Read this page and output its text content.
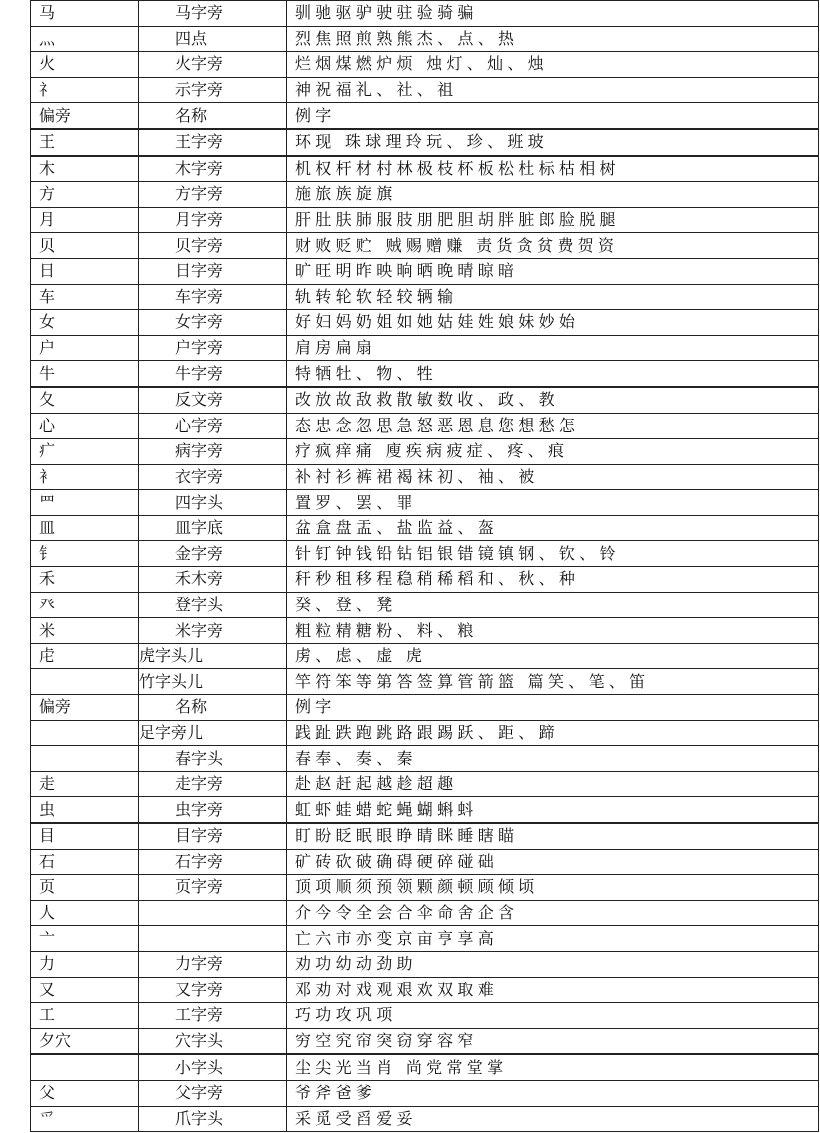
马	马字旁	驯驰驱驴驶驻验骑骗
灬	四点	烈焦照煎熟熊杰、点、热
火	火字旁	烂烟煤燃炉烦 烛灯、灿、烛
礻	示字旁	神祝福礼、社、祖
偏旁	名称	例字
王	王字旁	环现 珠球理玲玩、珍、班玻
木	木字旁	机权杆材村林极枝杯板松杜标枯相树
方	方字旁	施旅族旋旗
月	月字旁	肝肚肤肺服肢朋肥胆胡胖脏郎脸脱腿
贝	贝字旁	财败贬贮 贼赐赠赚 责货贪贫费贺资
日	日字旁	旷旺明昨映晌晒晚晴晾暗
车	车字旁	轨转轮软轻较辆输
女	女字旁	好妇妈奶姐如她姑娃姓娘妹妙始
户	户字旁	肩房扁扇
牛	牛字旁	特牺牡、物、牲
夂	反文旁	改放故敌救散敏数收、政、教
心	心字旁	态忠念忽思急怒恶恩息您想愁怎
疒	病字旁	疗疯痒痛 廋疾病疲症、疼、痕
衤	衣字旁	补衬衫裤裙褐袜初、袖、被
罒	四字头	置罗、罢、罪
皿	皿字底	盆盒盘盂、盐监益、盔
钅	金字旁	针钉钟钱铅钻铝银错镜镇钢、钦、铃
禾	禾木旁	秆秒租移程稳稍稀稻和、秋、种
癶	登字头	癸、登、凳
米	米字旁	粗粒精糖粉、料、粮
虍	虎字头儿	虏、虑、虚 虎
	竹字头儿	竿符笨等第答签算管箭篮 篇笑、笔、笛
偏旁	名称	例字
	足字旁儿	践趾跌跑跳路跟踢跃、距、蹄
	春字头	春奉、奏、秦
走	走字旁	赴赵赶起越趁超趣
虫	虫字旁	虹虾蛙蜡蛇蝇蝴蝌蚪
目	目字旁	盯盼眨眠眼睁睛眯睡瞎瞄
石	石字旁	矿砖砍破确碍硬碎碰础
页	页字旁	顶项顺须预领颗颜顿顾倾顷
人		介今令全会合伞命舍企含
亠		亡六市亦变京亩亨享高
力	力字旁	劝功幼动劲助
又	又字旁	邓劝对戏观艰欢双取难
工	工字旁	巧功攻巩项
夕穴	穴字头	穷空究帘突窃穿容窄
	小字头	尘尖光当肖 尚党常堂掌
父	父字旁	爷斧爸爹
爫	爪字头	采觅受舀爱妥
